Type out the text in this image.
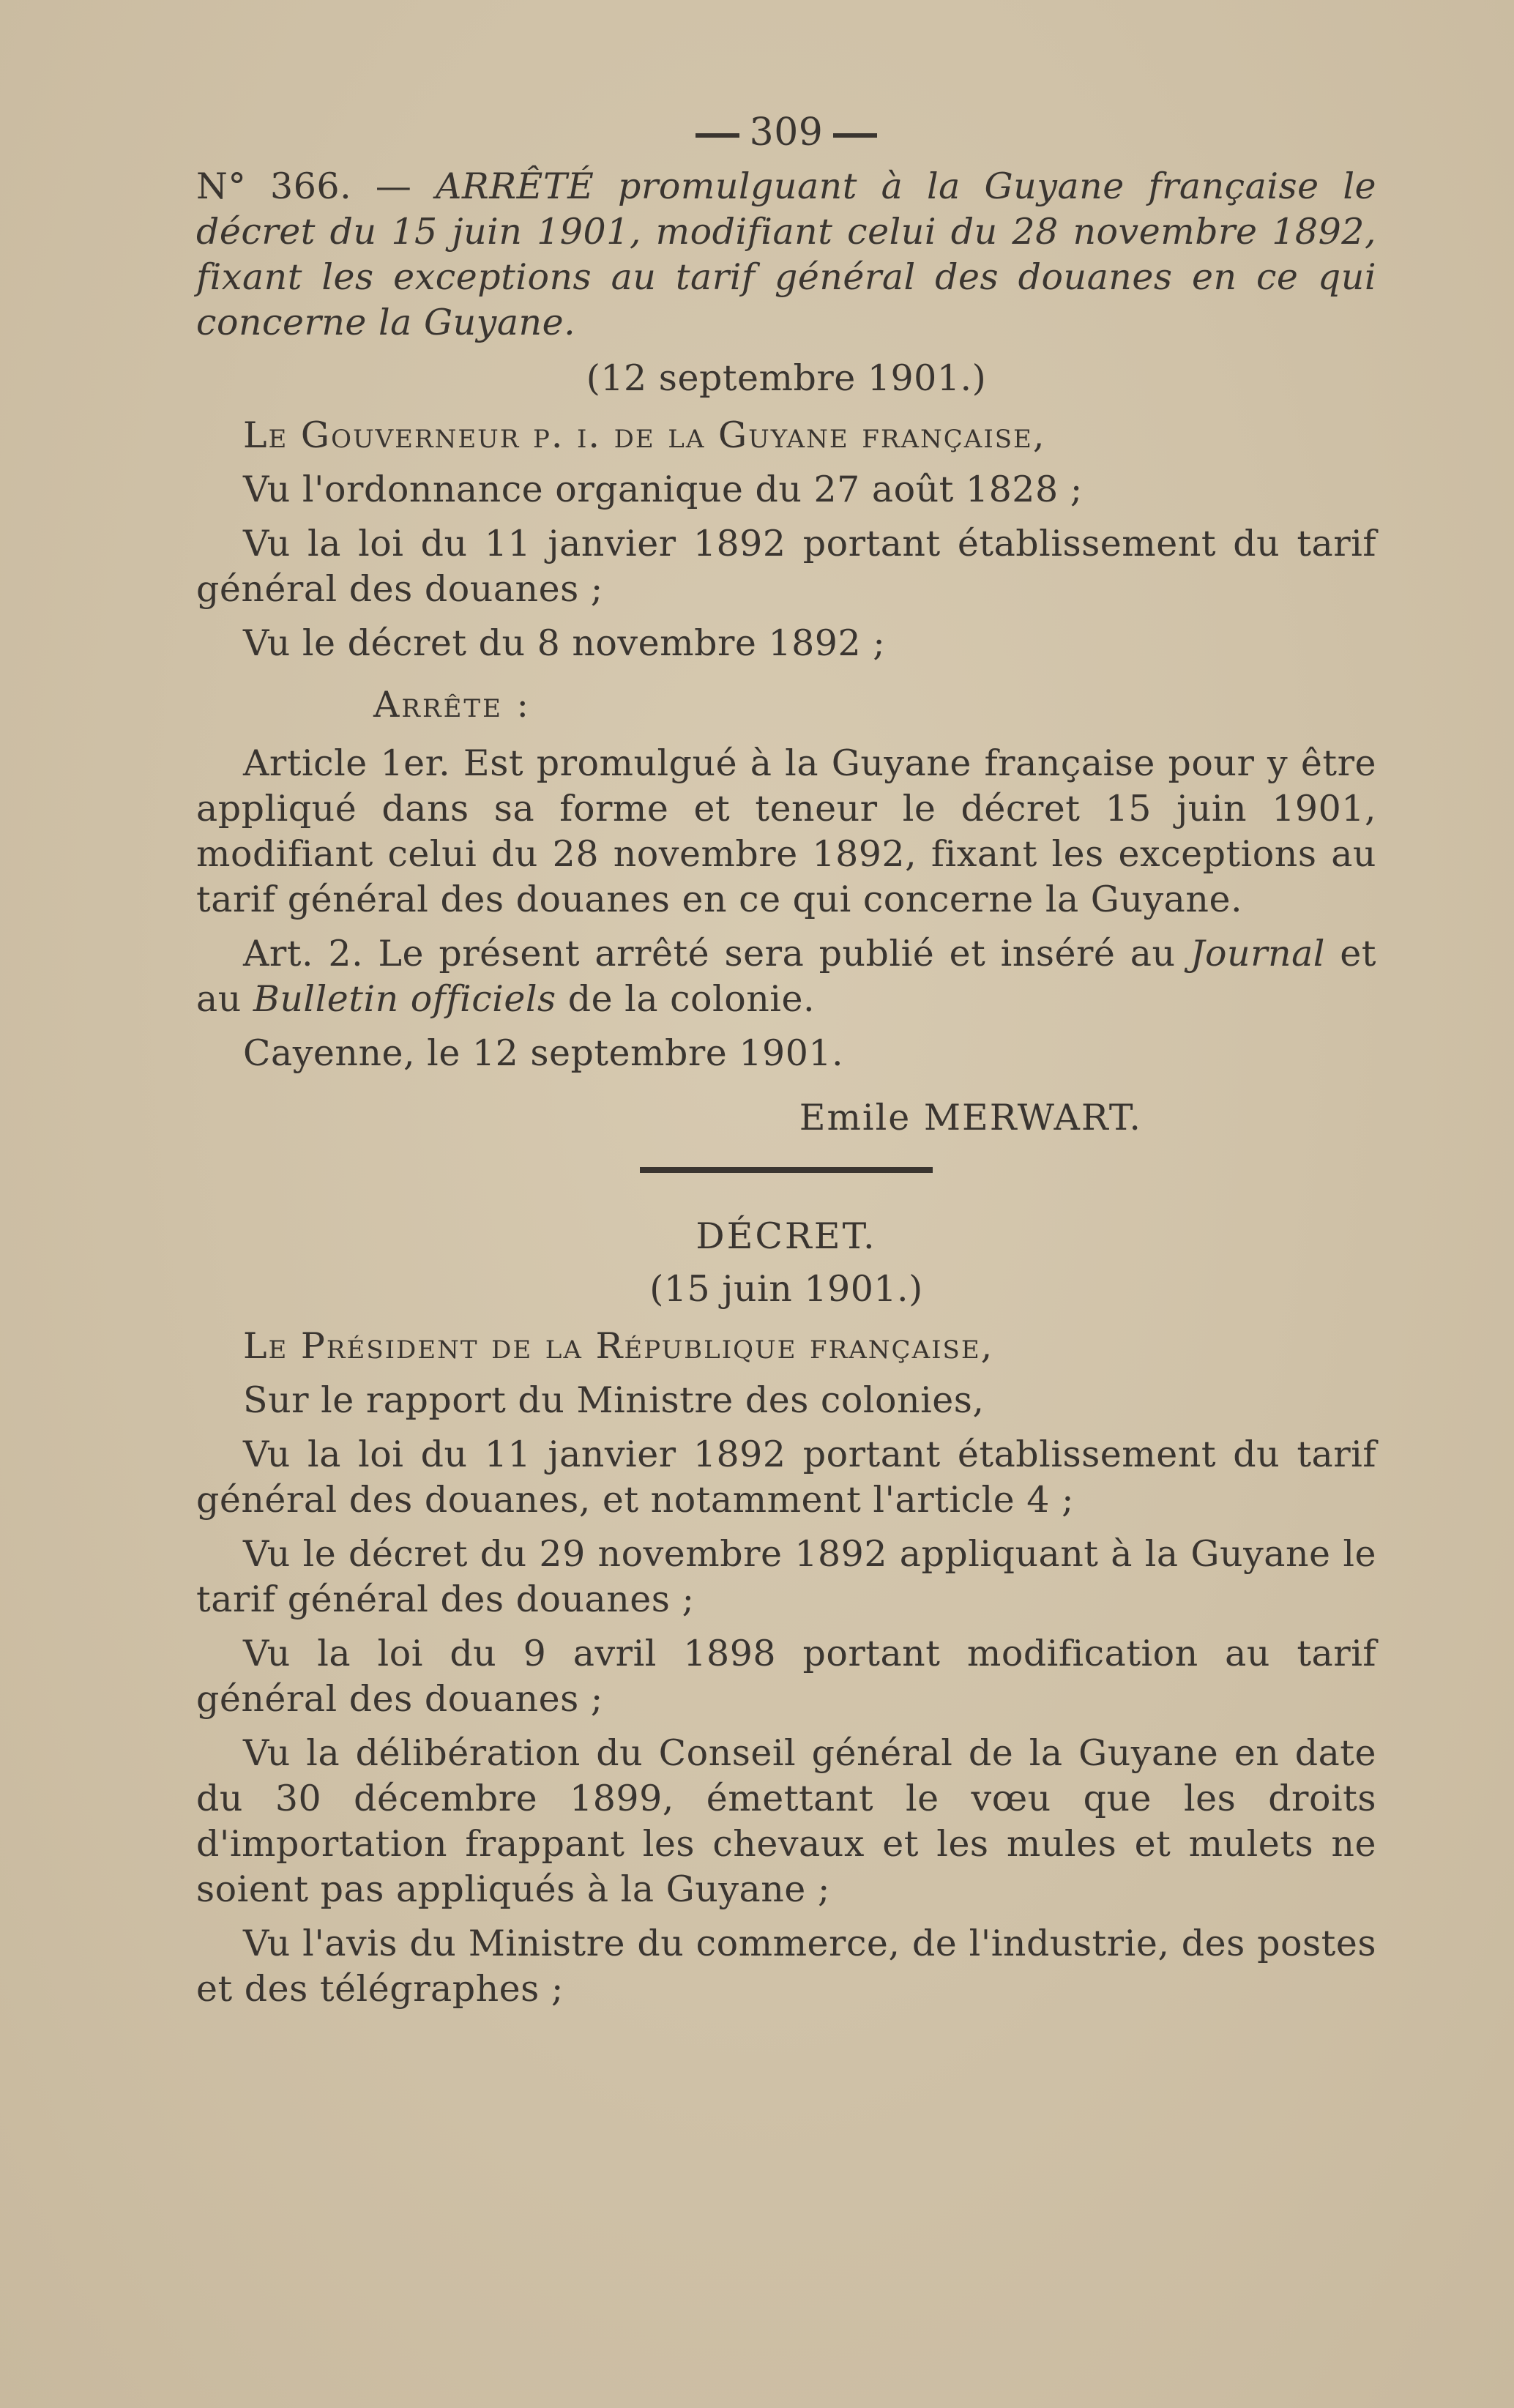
309
N° 366. — ARRÊTÉ promulguant à la Guyane française le décret du 15 juin 1901, modifiant celui du 28 novembre 1892, fixant les exceptions au tarif général des douanes en ce qui concerne la Guyane.
(12 septembre 1901.)
Le Gouverneur p. i. de la Guyane française,
Vu l'ordonnance organique du 27 août 1828 ;
Vu la loi du 11 janvier 1892 portant établissement du tarif général des douanes ;
Vu le décret du 8 novembre 1892 ;
Arrête :
Article 1er. Est promulgué à la Guyane française pour y être appliqué dans sa forme et teneur le décret 15 juin 1901, modifiant celui du 28 novembre 1892, fixant les exceptions au tarif général des douanes en ce qui concerne la Guyane.
Art. 2. Le présent arrêté sera publié et inséré au Journal et au Bulletin officiels de la colonie.
Cayenne, le 12 septembre 1901.
Emile MERWART.
DÉCRET.
(15 juin 1901.)
Le Président de la République française,
Sur le rapport du Ministre des colonies,
Vu la loi du 11 janvier 1892 portant établissement du tarif général des douanes, et notamment l'article 4 ;
Vu le décret du 29 novembre 1892 appliquant à la Guyane le tarif général des douanes ;
Vu la loi du 9 avril 1898 portant modification au tarif général des douanes ;
Vu la délibération du Conseil général de la Guyane en date du 30 décembre 1899, émettant le vœu que les droits d'importation frappant les chevaux et les mules et mulets ne soient pas appliqués à la Guyane ;
Vu l'avis du Ministre du commerce, de l'industrie, des postes et des télégraphes ;
